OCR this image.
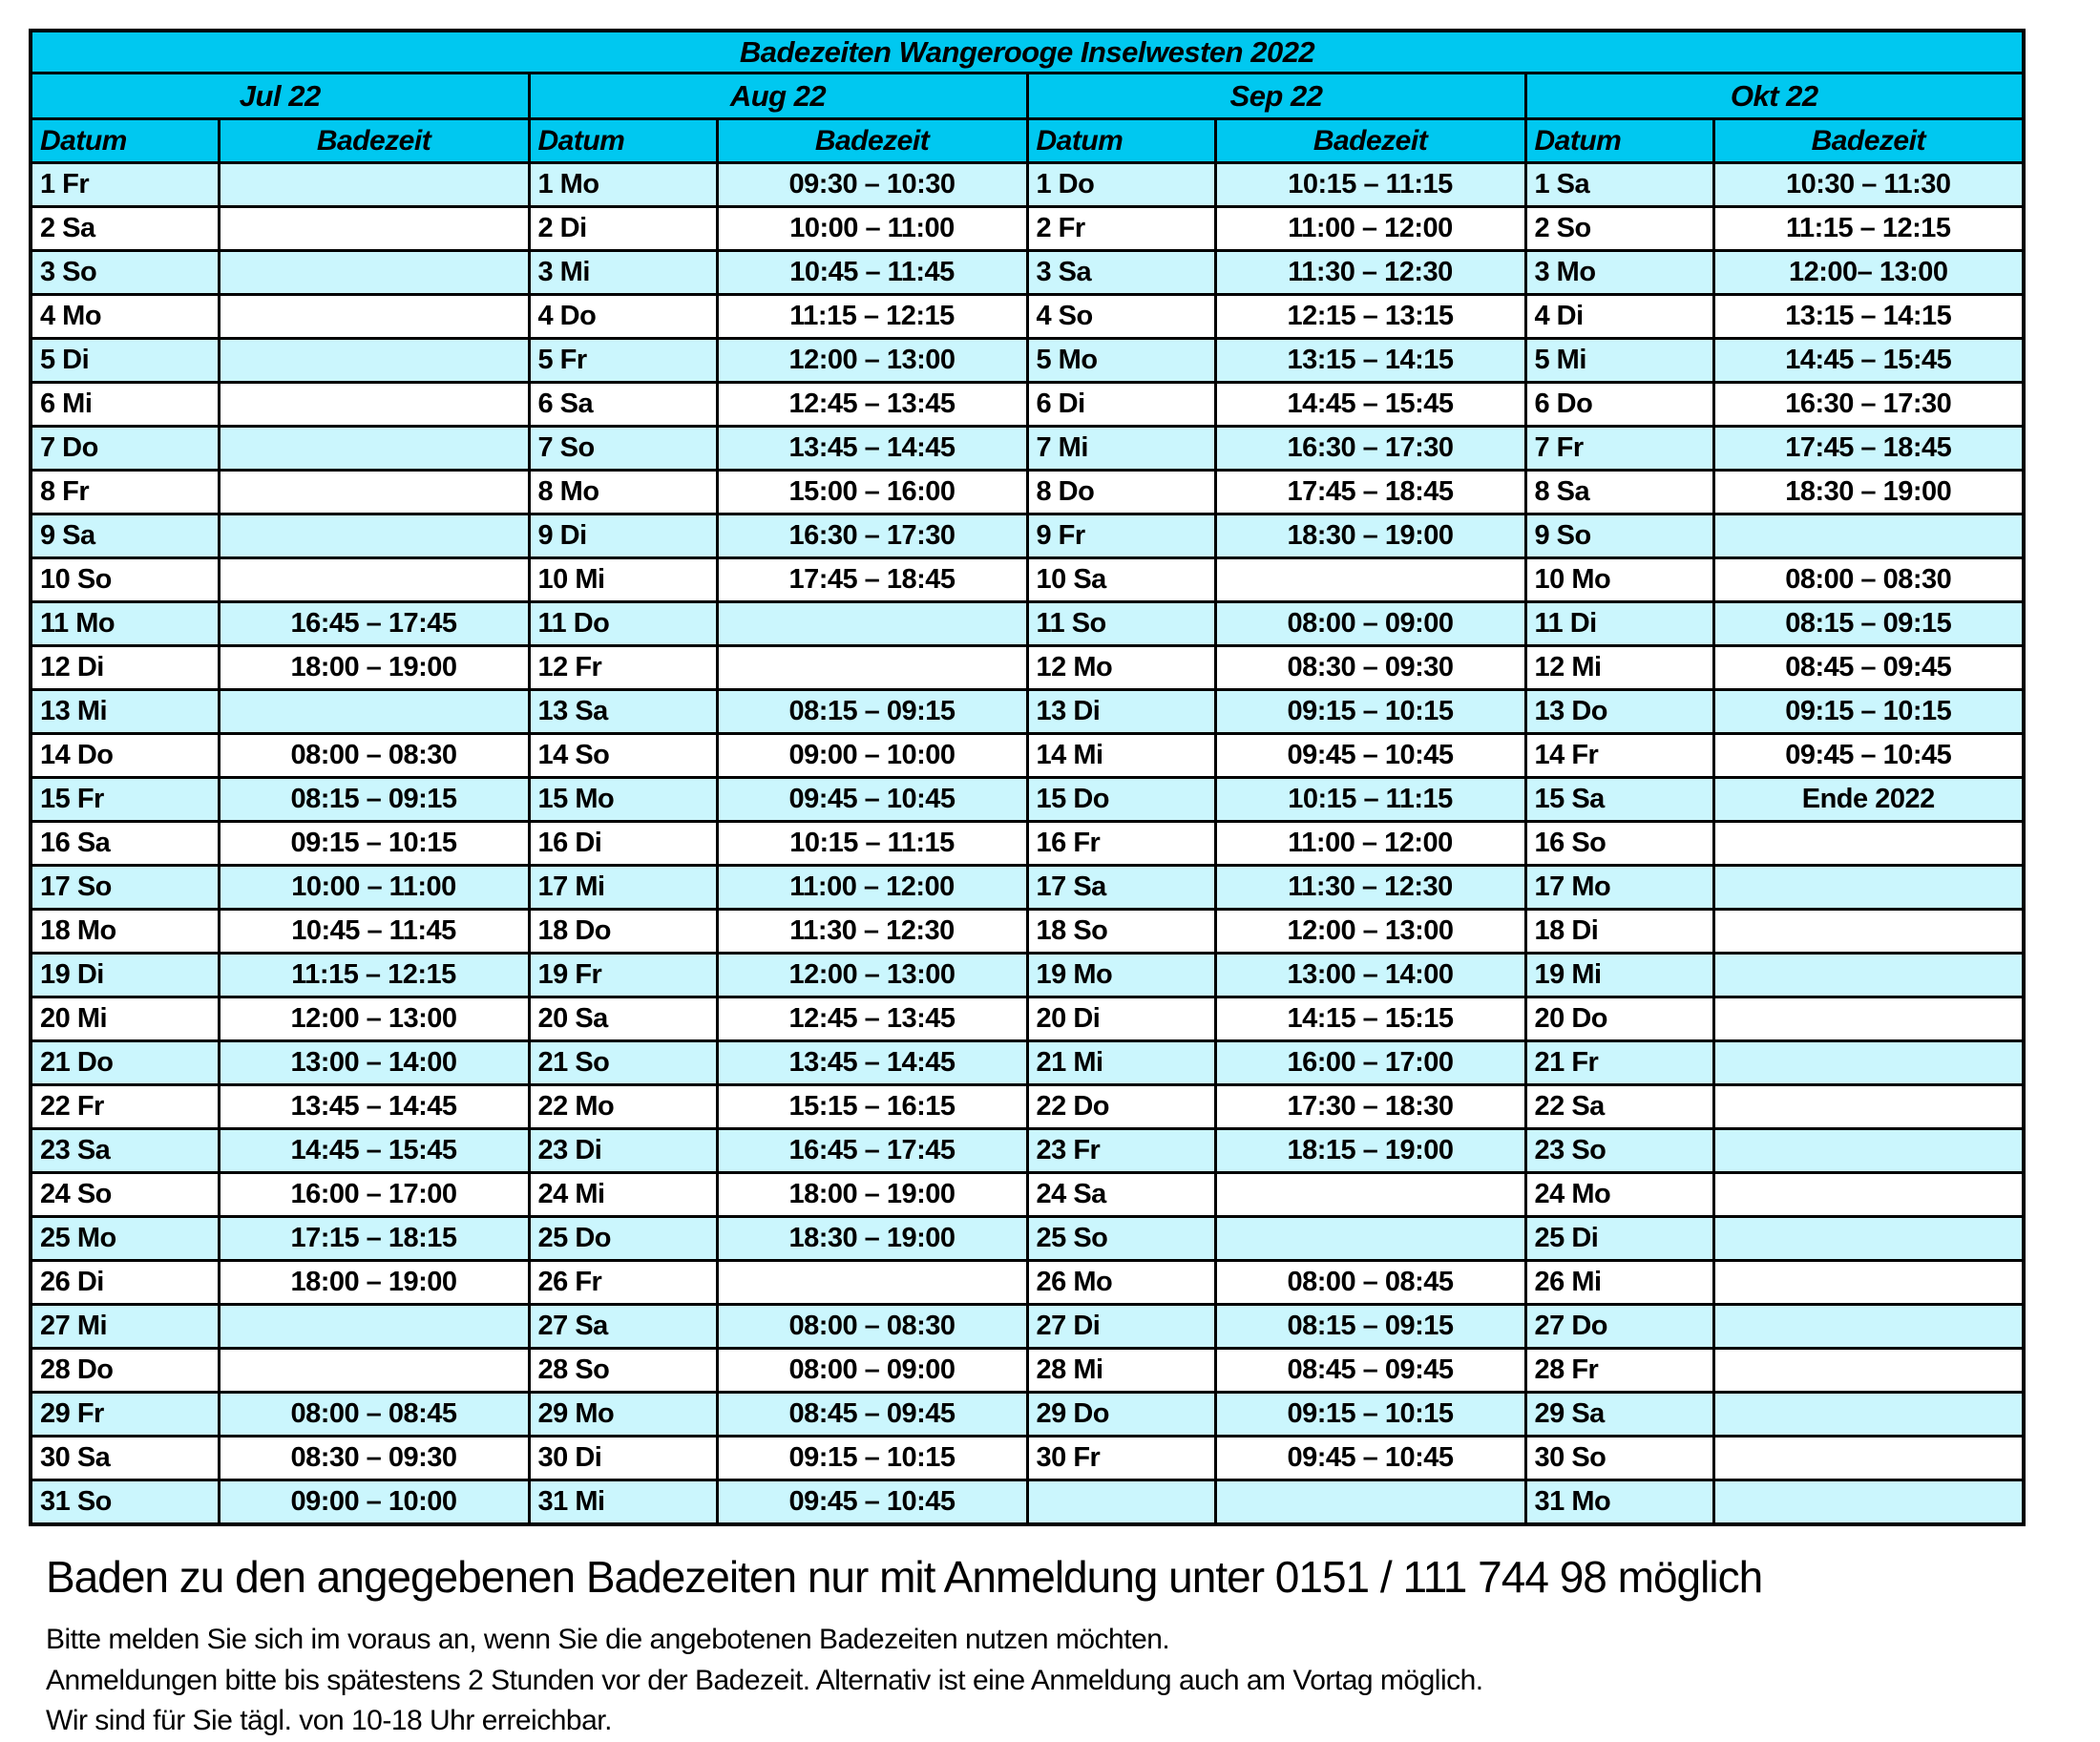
Badezeiten Wangerooge Inselwesten 2022							
Jul 22		Aug 22		Sep 22		Okt 22	
Datum	Badezeit	Datum	Badezeit	Datum	Badezeit	Datum	Badezeit
1 Fr		1 Mo	09:30 – 10:30	1 Do	10:15 – 11:15	1 Sa	10:30 – 11:30
2 Sa		2 Di	10:00 – 11:00	2 Fr	11:00 – 12:00	2 So	11:15 – 12:15
3 So		3 Mi	10:45 – 11:45	3 Sa	11:30 – 12:30	3 Mo	12:00– 13:00
4 Mo		4 Do	11:15 – 12:15	4 So	12:15 – 13:15	4 Di	13:15 – 14:15
5 Di		5 Fr	12:00 – 13:00	5 Mo	13:15 – 14:15	5 Mi	14:45 – 15:45
6 Mi		6 Sa	12:45 – 13:45	6 Di	14:45 – 15:45	6 Do	16:30 – 17:30
7 Do		7 So	13:45 – 14:45	7 Mi	16:30 – 17:30	7 Fr	17:45 – 18:45
8 Fr		8 Mo	15:00 – 16:00	8 Do	17:45 – 18:45	8 Sa	18:30 – 19:00
9 Sa		9 Di	16:30 – 17:30	9 Fr	18:30 – 19:00	9 So	
10 So		10 Mi	17:45 – 18:45	10 Sa		10 Mo	08:00 – 08:30
11 Mo	16:45 – 17:45	11 Do		11 So	08:00 – 09:00	11 Di	08:15 – 09:15
12 Di	18:00 – 19:00	12 Fr		12 Mo	08:30 – 09:30	12 Mi	08:45 – 09:45
13 Mi		13 Sa	08:15 – 09:15	13 Di	09:15 – 10:15	13 Do	09:15 – 10:15
14 Do	08:00 – 08:30	14 So	09:00 – 10:00	14 Mi	09:45 – 10:45	14 Fr	09:45 – 10:45
15 Fr	08:15 – 09:15	15 Mo	09:45 – 10:45	15 Do	10:15 – 11:15	15 Sa	Ende 2022
16 Sa	09:15 – 10:15	16 Di	10:15 – 11:15	16 Fr	11:00 – 12:00	16 So	
17 So	10:00 – 11:00	17 Mi	11:00 – 12:00	17 Sa	11:30 – 12:30	17 Mo	
18 Mo	10:45 – 11:45	18 Do	11:30 – 12:30	18 So	12:00 – 13:00	18 Di	
19 Di	11:15 – 12:15	19 Fr	12:00 – 13:00	19 Mo	13:00 – 14:00	19 Mi	
20 Mi	12:00 – 13:00	20 Sa	12:45 – 13:45	20 Di	14:15 – 15:15	20 Do	
21 Do	13:00 – 14:00	21 So	13:45 – 14:45	21 Mi	16:00 – 17:00	21 Fr	
22 Fr	13:45 – 14:45	22 Mo	15:15 – 16:15	22 Do	17:30 – 18:30	22 Sa	
23 Sa	14:45 – 15:45	23 Di	16:45 – 17:45	23 Fr	18:15 – 19:00	23 So	
24 So	16:00 – 17:00	24 Mi	18:00 – 19:00	24 Sa		24 Mo	
25 Mo	17:15 – 18:15	25 Do	18:30 – 19:00	25 So		25 Di	
26 Di	18:00 – 19:00	26 Fr		26 Mo	08:00 – 08:45	26 Mi	
27 Mi		27 Sa	08:00 – 08:30	27 Di	08:15 – 09:15	27 Do	
28 Do		28 So	08:00 – 09:00	28 Mi	08:45 – 09:45	28 Fr	
29 Fr	08:00 – 08:45	29 Mo	08:45 – 09:45	29 Do	09:15 – 10:15	29 Sa	
30 Sa	08:30 – 09:30	30 Di	09:15 – 10:15	30 Fr	09:45 – 10:45	30 So	
31 So	09:00 – 10:00	31 Mi	09:45 – 10:45			31 Mo	

Baden zu den angegebenen Badezeiten nur mit Anmeldung unter 0151 / 111 744 98 möglich

Bitte melden Sie sich im voraus an, wenn Sie die angebotenen Badezeiten nutzen möchten.

Anmeldungen bitte bis spätestens 2 Stunden vor der Badezeit. Alternativ ist eine Anmeldung auch am Vortag möglich.

Wir sind für Sie tägl. von 10-18 Uhr erreichbar.
